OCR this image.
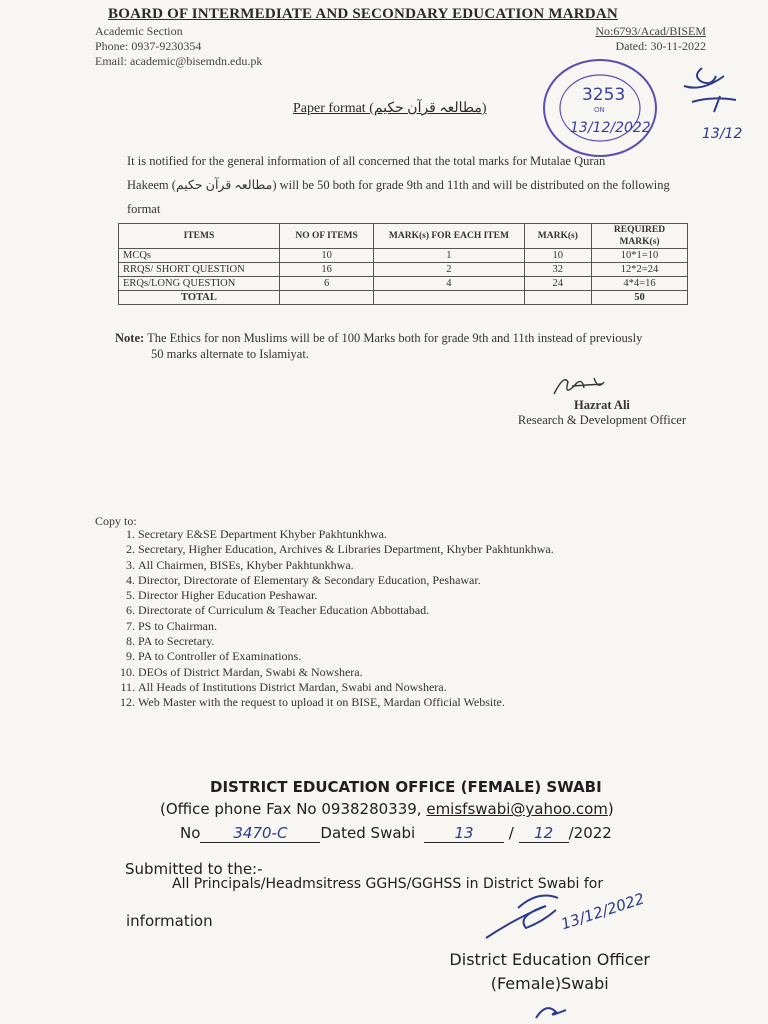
BOARD OF INTERMEDIATE AND SECONDARY EDUCATION MARDAN
Academic Section
Phone: 0937-9230354
Email: academic@bisemdn.edu.pk
No:6793/Acad/BISEM
Dated: 30-11-2022
3253
ON
13/12/2022	13/12
Paper format (مطالعہ قرآن حکیم)
It is notified for the general information of all concerned that the total marks for Mutalae Quran
Hakeem (مطالعہ قرآن حکیم) will be 50 both for grade 9th and 11th and will be distributed on the following
format
ITEMS	NO OF ITEMS	MARK(s) FOR EACH ITEM	MARK(s)	REQUIRED MARK(s)
MCQs	10	1	10	10*1=10
RRQS/ SHORT QUESTION	16	2	32	12*2=24
ERQs/LONG QUESTION	6	4	24	4*4=16
TOTAL				50
Note: The Ethics for non Muslims will be of 100 Marks both for grade 9th and 11th instead of previously
50 marks alternate to Islamiyat.
Hazrat Ali
Research & Development Officer
Copy to:
1. Secretary E&SE Department Khyber Pakhtunkhwa.
2. Secretary, Higher Education, Archives & Libraries Department, Khyber Pakhtunkhwa.
3. All Chairmen, BISEs, Khyber Pakhtunkhwa.
4. Director, Directorate of Elementary & Secondary Education, Peshawar.
5. Director Higher Education Peshawar.
6. Directorate of Curriculum & Teacher Education Abbottabad.
7. PS to Chairman.
8. PA to Secretary.
9. PA to Controller of Examinations.
10. DEOs of District Mardan, Swabi & Nowshera.
11. All Heads of Institutions District Mardan, Swabi and Nowshera.
12. Web Master with the request to upload it on BISE, Mardan Official Website.
DISTRICT EDUCATION OFFICE (FEMALE) SWABI
(Office phone Fax No 0938280339, emisfswabi@yahoo.com)
No 3470-C Dated Swabi	13 / 12 /2022
Submitted to the:-
All Principals/Headmsitress GGHS/GGHSS in District Swabi for
information	13/12/2022
District Education Officer
(Female)Swabi
